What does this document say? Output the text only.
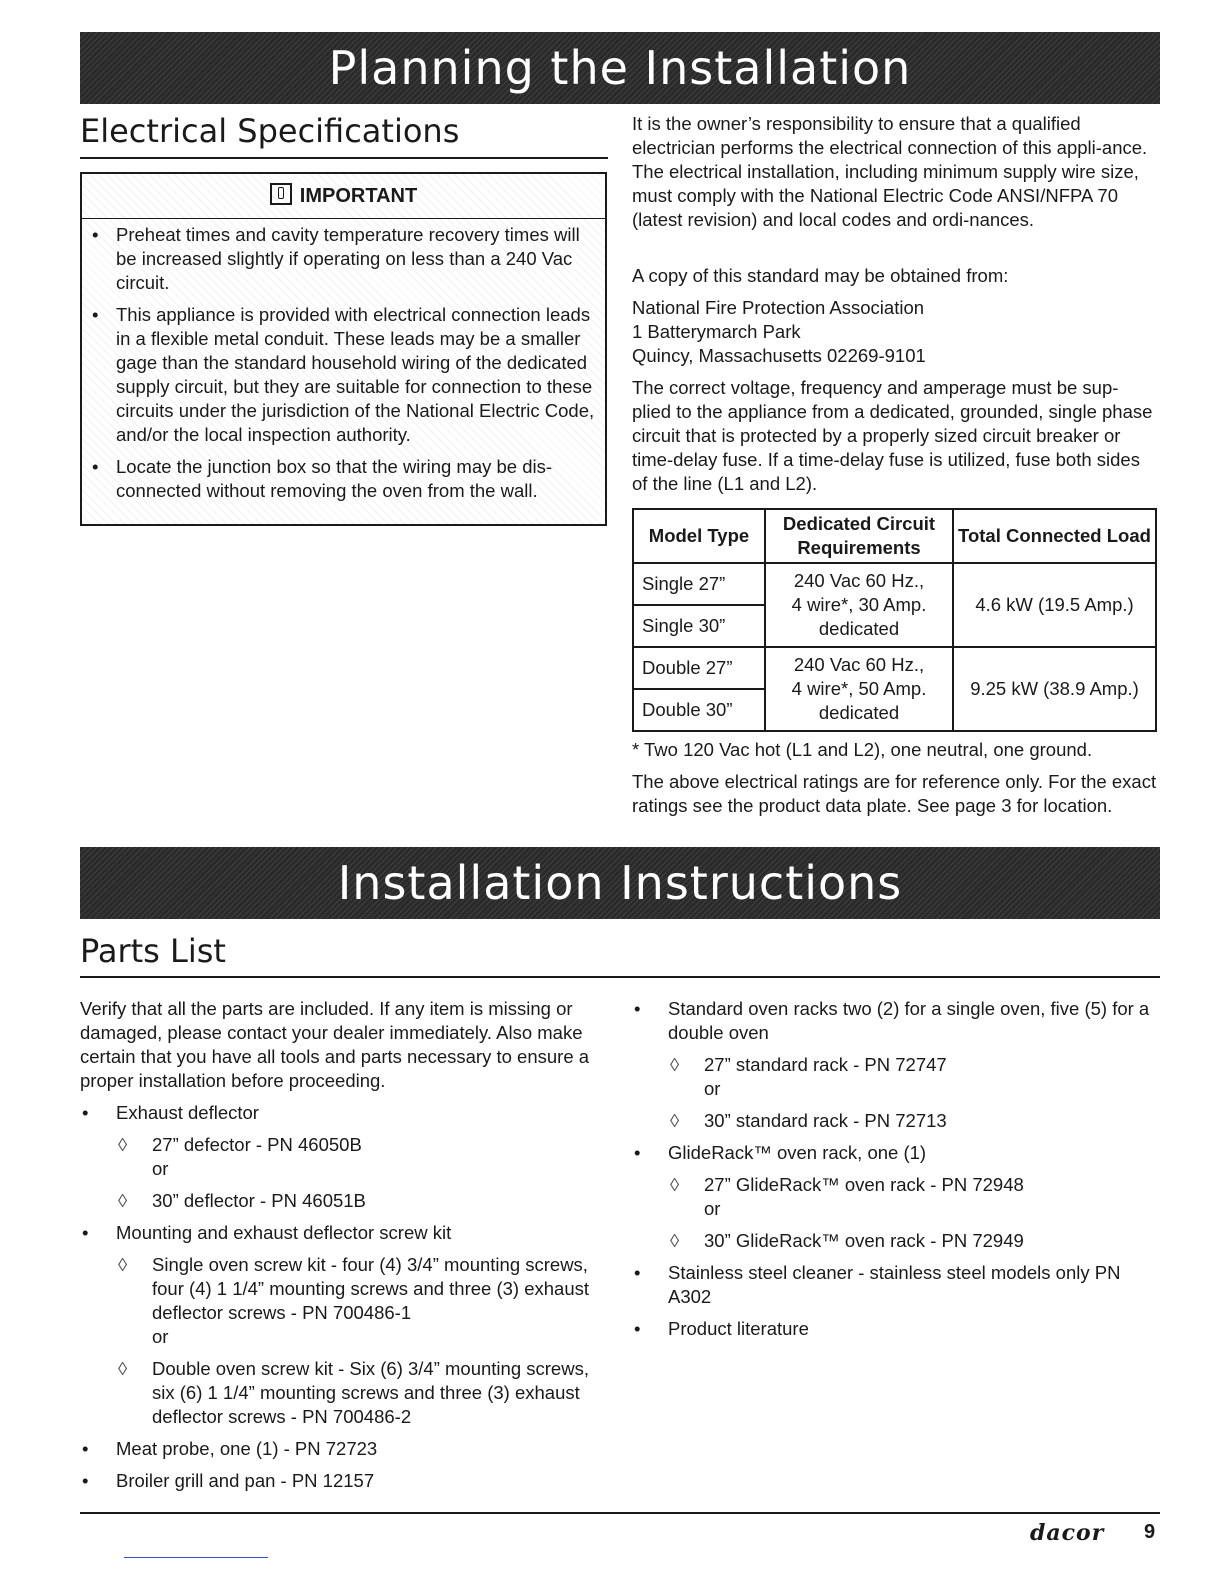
Planning the Installation
Electrical Specifications
IMPORTANT
• Preheat times and cavity temperature recovery times will be increased slightly if operating on less than a 240 Vac circuit.
• This appliance is provided with electrical connection leads in a flexible metal conduit. These leads may be a smaller gage than the standard household wiring of the dedicated supply circuit, but they are suitable for connection to these circuits under the jurisdiction of the National Electric Code, and/or the local inspection authority.
• Locate the junction box so that the wiring may be dis-connected without removing the oven from the wall.

It is the owner’s responsibility to ensure that a qualified electrician performs the electrical connection of this appli-ance. The electrical installation, including minimum supply wire size, must comply with the National Electric Code ANSI/NFPA 70 (latest revision) and local codes and ordi-nances.

A copy of this standard may be obtained from:

National Fire Protection Association
1 Batterymarch Park
Quincy, Massachusetts 02269-9101

The correct voltage, frequency and amperage must be sup-plied to the appliance from a dedicated, grounded, single phase circuit that is protected by a properly sized circuit breaker or time-delay fuse. If a time-delay fuse is utilized, fuse both sides of the line (L1 and L2).

Model Type	Dedicated Circuit Requirements	Total Connected Load
Single 27”	240 Vac 60 Hz.,
4 wire*, 30 Amp.
dedicated	4.6 kW (19.5 Amp.)
Single 30”		
Double 27”	240 Vac 60 Hz.,
4 wire*, 50 Amp.
dedicated	9.25 kW (38.9 Amp.)
Double 30”		

* Two 120 Vac hot (L1 and L2), one neutral, one ground.

The above electrical ratings are for reference only. For the exact ratings see the product data plate. See page 3 for location.

Installation Instructions
Parts List

Verify that all the parts are included. If any item is missing or damaged, please contact your dealer immediately. Also make certain that you have all tools and parts necessary to ensure a proper installation before proceeding.

• Exhaust deflector
◊ 27” defector - PN 46050B
or
◊ 30” deflector - PN 46051B
• Mounting and exhaust deflector screw kit
◊ Single oven screw kit - four (4) 3/4” mounting screws, four (4) 1 1/4” mounting screws and three (3) exhaust deflector screws - PN 700486-1
or
◊ Double oven screw kit - Six (6) 3/4” mounting screws, six (6) 1 1/4” mounting screws and three (3) exhaust deflector screws - PN 700486-2
• Meat probe, one (1) - PN 72723
• Broiler grill and pan - PN 12157
• Standard oven racks two (2) for a single oven, five (5) for a double oven
◊ 27” standard rack - PN 72747
or
◊ 30” standard rack - PN 72713
• GlideRack™ oven rack, one (1)
◊ 27” GlideRack™ oven rack - PN 72948
or
◊ 30” GlideRack™ oven rack - PN 72949
• Stainless steel cleaner - stainless steel models only PN A302
• Product literature
dacor 9
